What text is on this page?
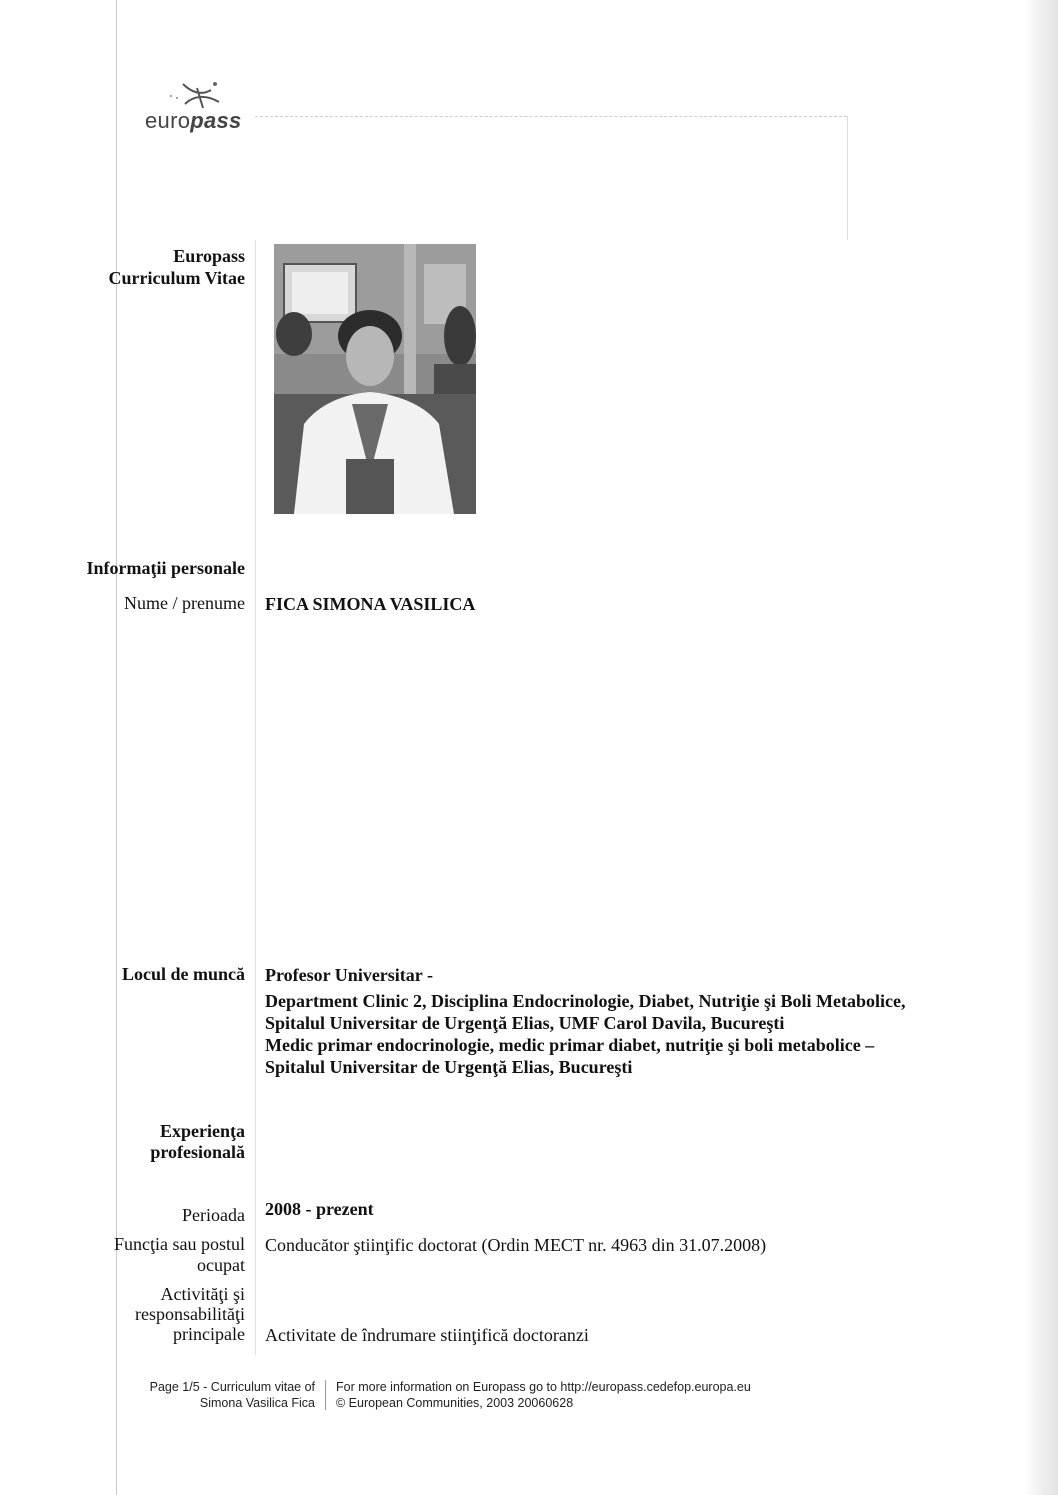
europass
Europass
Curriculum Vitae
Informaţii personale
Nume / prenume FICA SIMONA VASILICA
Locul de muncă Profesor Universitar -
Department Clinic 2, Disciplina Endocrinologie, Diabet, Nutriţie şi Boli Metabolice,
Spitalul Universitar de Urgenţă Elias, UMF Carol Davila, Bucureşti
Medic primar endocrinologie, medic primar diabet, nutriţie şi boli metabolice –
Spitalul Universitar de Urgenţă Elias, Bucureşti
Experienţa
profesională
Perioada 2008 - prezent
Funcţia sau postul
ocupat
Conducător ştiinţific doctorat (Ordin MECT nr. 4963 din 31.07.2008)
Activităţi şi
responsabilităţi
principale Activitate de îndrumare stiinţifică doctoranzi
Page 1/5 - Curriculum vitae of
Simona Vasilica Fica
For more information on Europass go to http://europass.cedefop.europa.eu
© European Communities, 2003 20060628
